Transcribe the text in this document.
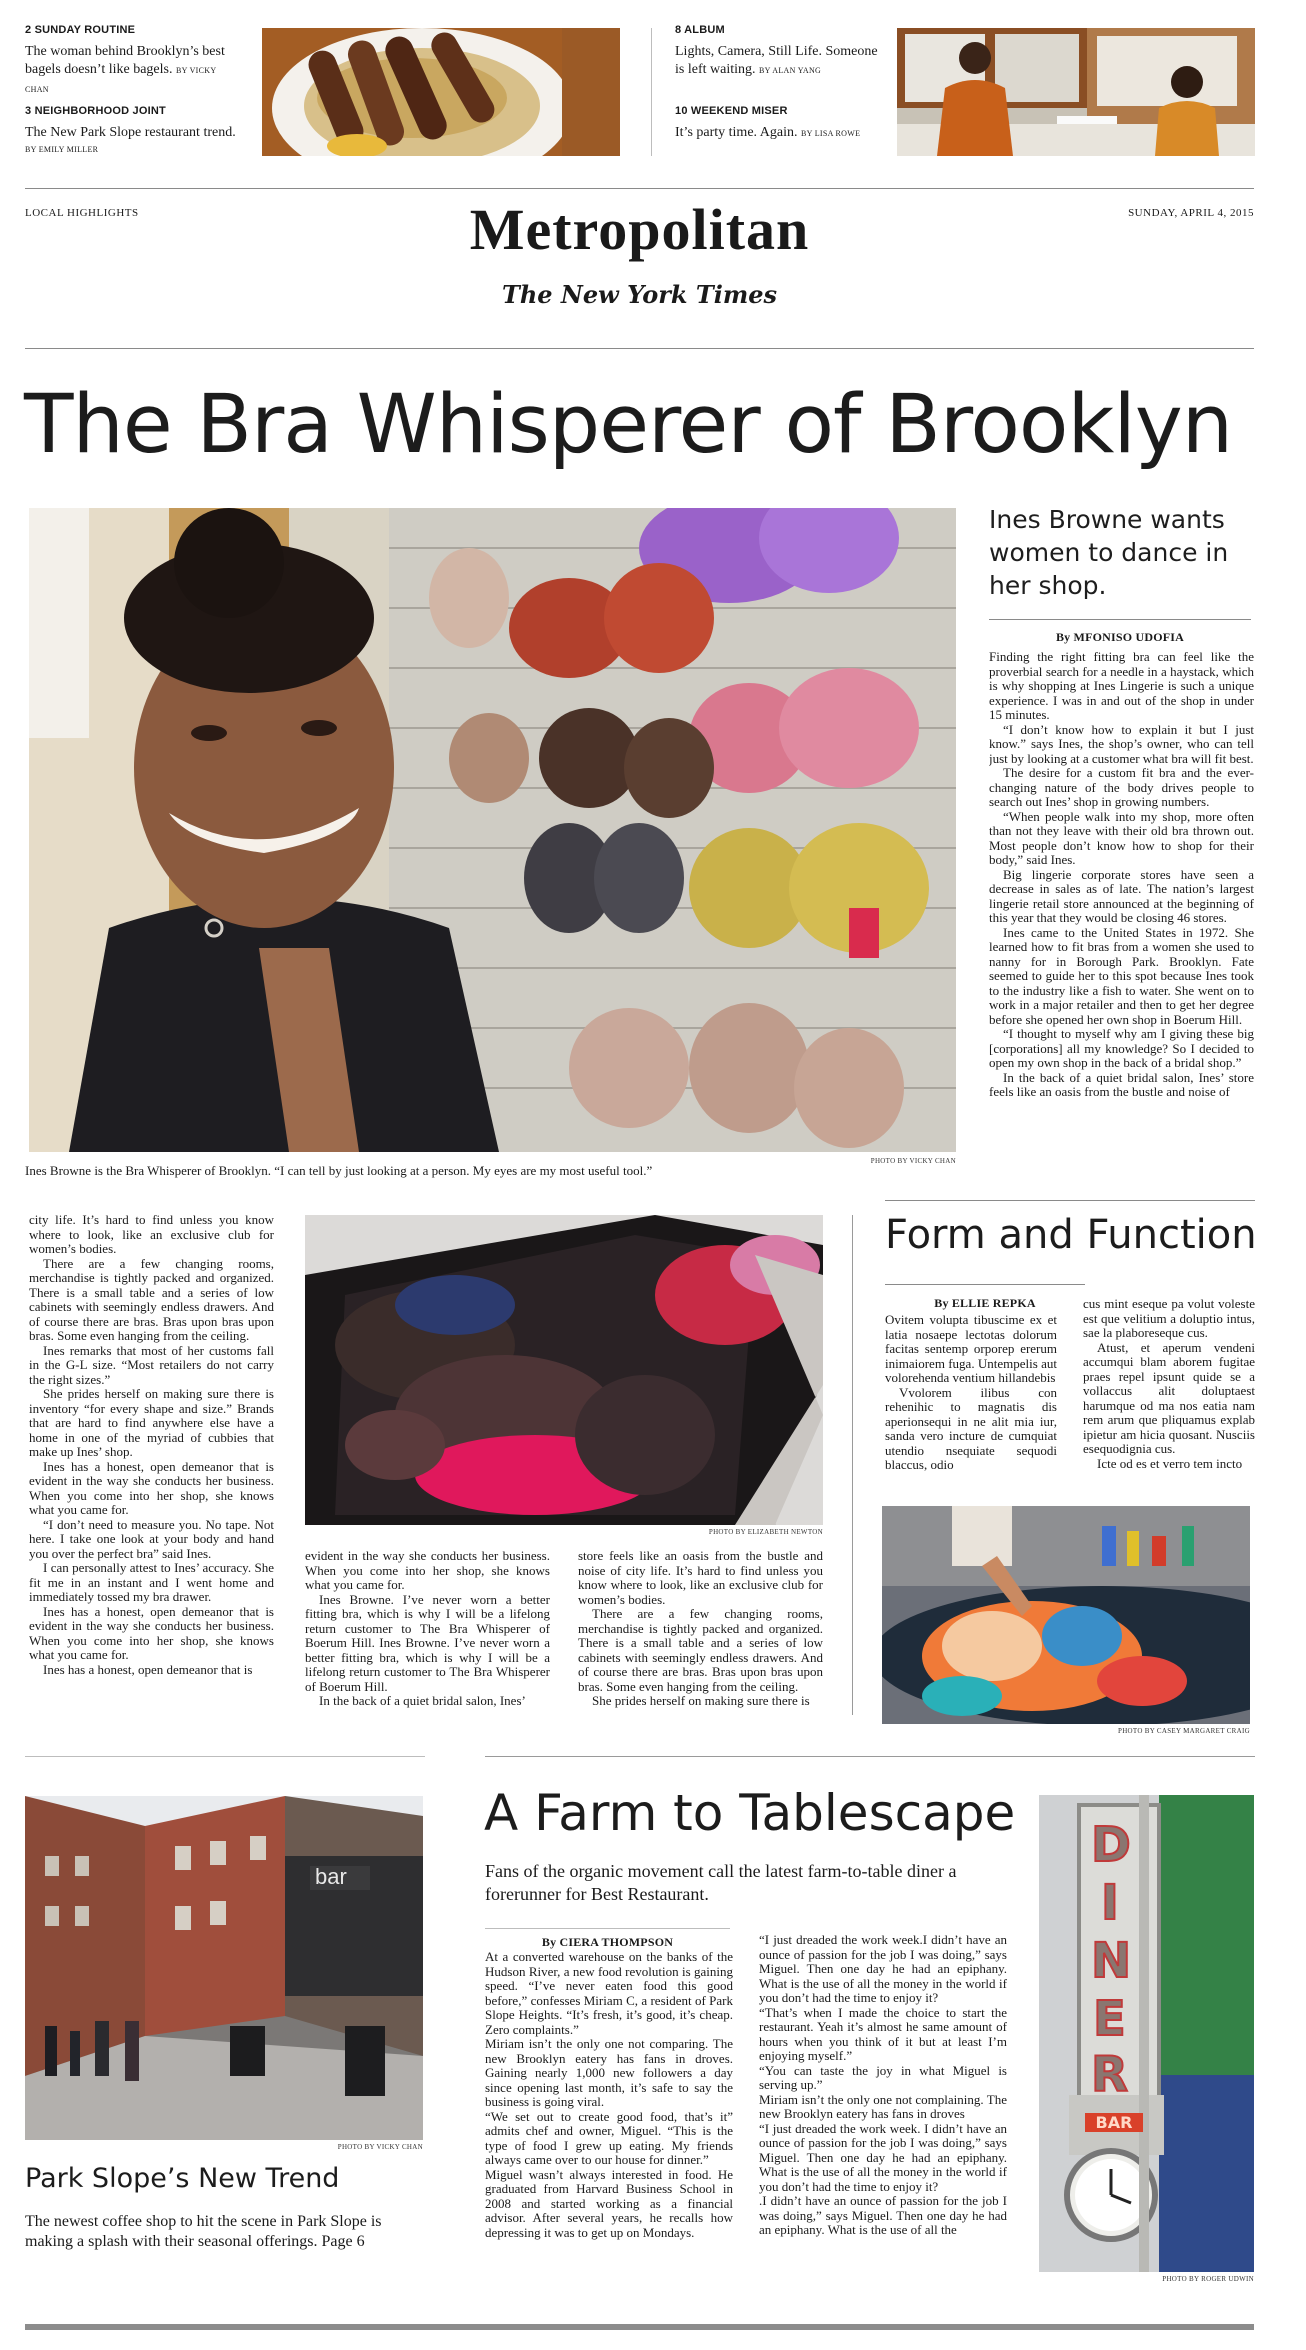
2 SUNDAY ROUTINE
The woman behind Brooklyn’s best bagels doesn’t like bagels. BY VICKY CHAN
3 NEIGHBORHOOD JOINT
The New Park Slope restaurant trend.
BY EMILY MILLER
8 ALBUM
Lights, Camera, Still Life. Someone is left waiting. BY ALAN YANG
10 WEEKEND MISER
It’s party time. Again. BY LISA ROWE
LOCAL HIGHLIGHTS	Metropolitan
The New York Times
SUNDAY, APRIL 4, 2015
The Bra Whisperer of Brooklyn
Ines Browne wants women to dance in her shop.
By MFONISO UDOFIA

Finding the right fitting bra can feel like the proverbial search for a needle in a haystack, which is why shopping at Ines Lingerie is such a unique experience. I was in and out of the shop in under 15 minutes.

“I don’t know how to explain it but I just know.” says Ines, the shop’s owner, who can tell just by looking at a customer what bra will fit best.

The desire for a custom fit bra and the ever-changing nature of the body drives people to search out Ines’ shop in growing numbers.

“When people walk into my shop, more often than not they leave with their old bra thrown out. Most people don’t know how to shop for their body,” said Ines.

Big lingerie corporate stores have seen a decrease in sales as of late. The nation’s largest lingerie retail store announced at the beginning of this year that they would be closing 46 stores.

Ines came to the United States in 1972. She learned how to fit bras from a women she used to nanny for in Borough Park. Brooklyn. Fate seemed to guide her to this spot because Ines took to the industry like a fish to water. She went on to work in a major retailer and then to get her degree before she opened her own shop in Boerum Hill.

“I thought to myself why am I giving these big [corporations] all my knowledge? So I decided to open my own shop in the back of a bridal shop.”

In the back of a quiet bridal salon, Ines’ store feels like an oasis from the bustle and noise of

PHOTO BY VICKY CHAN
Ines Browne is the Bra Whisperer of Brooklyn. “I can tell by just looking at a person. My eyes are my most useful tool.”

city life. It’s hard to find unless you know where to look, like an exclusive club for women’s bodies.

There are a few changing rooms, merchandise is tightly packed and organized. There is a small table and a series of low cabinets with seemingly endless drawers. And of course there are bras. Bras upon bras upon bras. Some even hanging from the ceiling.

Ines remarks that most of her customs fall in the G-L size. “Most retailers do not carry the right sizes.”

She prides herself on making sure there is inventory “for every shape and size.” Brands that are hard to find anywhere else have a home in one of the myriad of cubbies that make up Ines’ shop.

Ines has a honest, open demeanor that is evident in the way she conducts her business. When you come into her shop, she knows what you came for.

“I don’t need to measure you. No tape. Not here. I take one look at your body and hand you over the perfect bra” said Ines.

I can personally attest to Ines’ accuracy. She fit me in an instant and I went home and immediately tossed my bra drawer.

Ines has a honest, open demeanor that is evident in the way she conducts her business. When you come into her shop, she knows what you came for.

Ines has a honest, open demeanor that is

PHOTO BY ELIZABETH NEWTON

evident in the way she conducts her business. When you come into her shop, she knows what you came for.

Ines Browne. I’ve never worn a better fitting bra, which is why I will be a lifelong return customer to The Bra Whisperer of Boerum Hill. Ines Browne. I’ve never worn a better fitting bra, which is why I will be a lifelong return customer to The Bra Whisperer of Boerum Hill.

In the back of a quiet bridal salon, Ines’

store feels like an oasis from the bustle and noise of city life. It’s hard to find unless you know where to look, like an exclusive club for women’s bodies.

There are a few changing rooms, merchandise is tightly packed and organized. There is a small table and a series of low cabinets with seemingly endless drawers. And of course there are bras. Bras upon bras upon bras. Some even hanging from the ceiling.

She prides herself on making sure there is

Form and Function
By ELLIE REPKA

Ovitem volupta tibuscime ex et latia nosaepe lectotas dolorum facitas sentemp orporep ererum inimaiorem fuga. Untempelis aut volorehenda ventium hillandebis

Vvolorem ilibus con rehenihic to magnatis dis aperionsequi in ne alit mia iur, sanda vero incture de cumquiat utendio nsequiate sequodi blaccus, odio

cus mint eseque pa volut voleste est que velitium a doluptio intus, sae la plaboreseque cus.

Atust, et aperum vendeni accumqui blam aborem fugitae praes repel ipsunt quide se a vollaccus alit doluptaest harumque od ma nos eatia nam rem arum que pliquamus explab ipietur am hicia quosant. Nusciis esequodignia cus.

Icte od es et verro tem incto

PHOTO BY CASEY MARGARET CRAIG
bar
PHOTO BY VICKY CHAN
Park Slope’s New Trend
The newest coffee shop to hit the scene in Park Slope is making a splash with their seasonal offerings. Page 6
A Farm to Tablescape
Fans of the organic movement call the latest farm-to-table diner a forerunner for Best Restaurant.
By CIERA THOMPSON

At a converted warehouse on the banks of the Hudson River, a new food revolution is gaining speed. “I’ve never eaten food this good before,” confesses Miriam C, a resident of Park Slope Heights. “It’s fresh, it’s good, it’s cheap. Zero complaints.”

Miriam isn’t the only one not comparing. The new Brooklyn eatery has fans in droves. Gaining nearly 1,000 new followers a day since opening last month, it’s safe to say the business is going viral.

“We set out to create good food, that’s it” admits chef and owner, Miguel. “This is the type of food I grew up eating. My friends always came over to our house for dinner.”

Miguel wasn’t always interested in food. He graduated from Harvard Business School in 2008 and started working as a financial advisor. After several years, he recalls how depressing it was to get up on Mondays.

“I just dreaded the work week.I didn’t have an ounce of passion for the job I was doing,” says Miguel. Then one day he had an epiphany. What is the use of all the money in the world if you don’t had the time to enjoy it?

“That’s when I made the choice to start the restaurant. Yeah it’s almost he same amount of hours when you think of it but at least I’m enjoying myself.”

“You can taste the joy in what Miguel is serving up.”

Miriam isn’t the only one not complaining. The new Brooklyn eatery has fans in droves

“I just dreaded the work week. I didn’t have an ounce of passion for the job I was doing,” says Miguel. Then one day he had an epiphany. What is the use of all the money in the world if you don’t had the time to enjoy it?

.I didn’t have an ounce of passion for the job I was doing,” says Miguel. Then one day he had an epiphany. What is the use of all the

D
I
N
E
R
BAR
PHOTO BY ROGER UDWIN
